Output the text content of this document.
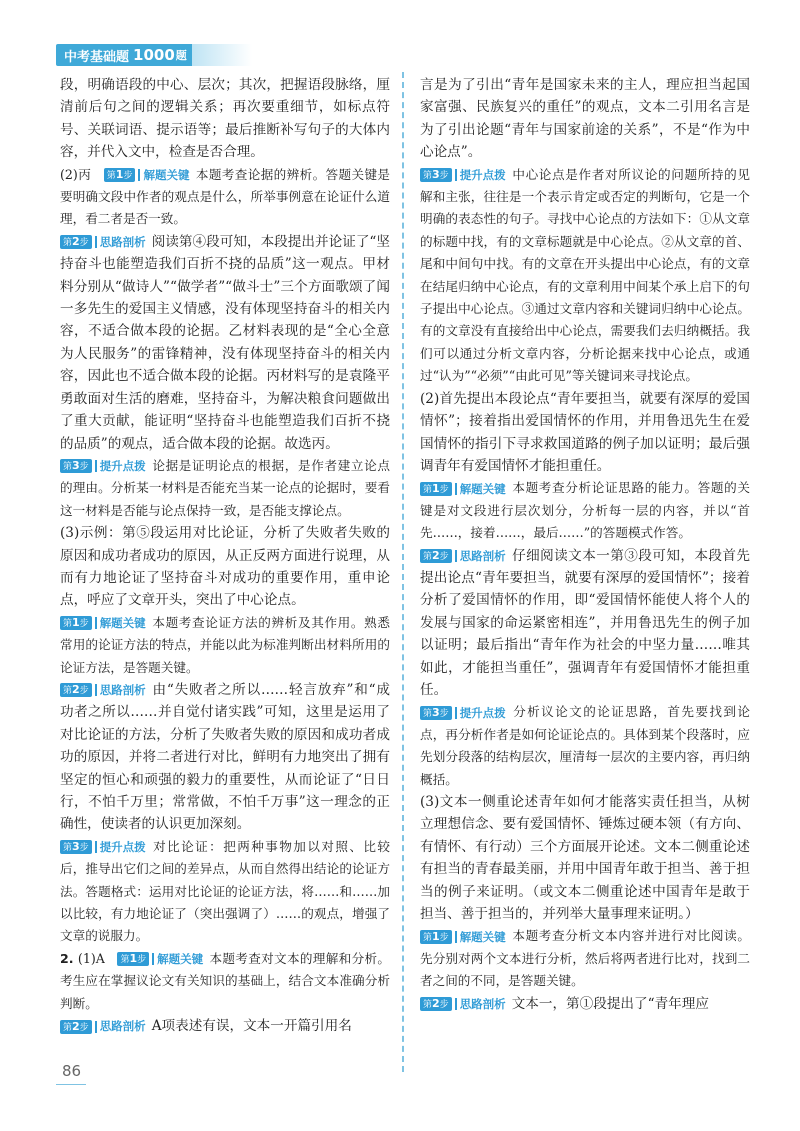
中考基础题 1000 题

段，明确语段的中心、层次；其次，把握语段脉络，厘清前后句之间的逻辑关系；再次要重细节，如标点符号、关联词语、提示语等；最后推断补写句子的大体内容，并代入文中，检查是否合理。

(2)丙 	第1步 解题关键 本题考查论据的辨析。答题关键是要明确文段中作者的观点是什么，所举事例意在论证什么道理，看二者是否一致。

第2步 思路剖析 阅读第④段可知，本段提出并论证了“坚持奋斗也能塑造我们百折不挠的品质”这一观点。甲材料分别从“做诗人”“做学者”“做斗士”三个方面歌颂了闻一多先生的爱国主义情感，没有体现坚持奋斗的相关内容，不适合做本段的论据。乙材料表现的是“全心全意为人民服务”的雷锋精神，没有体现坚持奋斗的相关内容，因此也不适合做本段的论据。丙材料写的是袁隆平勇敢面对生活的磨难，坚持奋斗，为解决粮食问题做出了重大贡献，能证明“坚持奋斗也能塑造我们百折不挠的品质”的观点，适合做本段的论据。故选丙。

第3步 提升点拨 论据是证明论点的根据，是作者建立论点的理由。分析某一材料是否能充当某一论点的论据时，要看这一材料是否能与论点保持一致，是否能支撑论点。

(3)示例：第⑤段运用对比论证，分析了失败者失败的原因和成功者成功的原因，从正反两方面进行说理，从而有力地论证了坚持奋斗对成功的重要作用，重申论点，呼应了文章开头，突出了中心论点。

第1步 解题关键 本题考查论证方法的辨析及其作用。熟悉常用的论证方法的特点，并能以此为标准判断出材料所用的论证方法，是答题关键。

第2步 思路剖析 由“失败者之所以……轻言放弃”和“成功者之所以……并自觉付诸实践”可知，这里是运用了对比论证的方法，分析了失败者失败的原因和成功者成功的原因，并将二者进行对比，鲜明有力地突出了拥有坚定的恒心和顽强的毅力的重要性，从而论证了“日日行，不怕千万里；常常做，不怕千万事”这一理念的正确性，使读者的认识更加深刻。

第3步 提升点拨 对比论证：把两种事物加以对照、比较后，推导出它们之间的差异点，从而自然得出结论的论证方法。答题格式：运用对比论证的论证方法，将……和……加以比较，有力地论证了（突出强调了）……的观点，增强了文章的说服力。

2. (1)A 	第1步 解题关键 本题考查对文本的理解和分析。考生应在掌握议论文有关知识的基础上，结合文本准确分析判断。

第2步 思路剖析 A项表述有误，文本一开篇引用名

言是为了引出“青年是国家未来的主人，理应担当起国家富强、民族复兴的重任”的观点，文本二引用名言是为了引出论题“青年与国家前途的关系”，不是“作为中心论点”。

第3步 提升点拨 中心论点是作者对所议论的问题所持的见解和主张，往往是一个表示肯定或否定的判断句，它是一个明确的表态性的句子。寻找中心论点的方法如下：①从文章的标题中找，有的文章标题就是中心论点。②从文章的首、尾和中间句中找。有的文章在开头提出中心论点，有的文章在结尾归纳中心论点，有的文章利用中间某个承上启下的句子提出中心论点。③通过文章内容和关键词归纳中心论点。有的文章没有直接给出中心论点，需要我们去归纳概括。我们可以通过分析文章内容，分析论据来找中心论点，或通过“认为”“必须”“由此可见”等关键词来寻找论点。

(2)首先提出本段论点“青年要担当，就要有深厚的爱国情怀”；接着指出爱国情怀的作用，并用鲁迅先生在爱国情怀的指引下寻求救国道路的例子加以证明；最后强调青年有爱国情怀才能担重任。

第1步 解题关键 本题考查分析论证思路的能力。答题的关键是对文段进行层次划分，分析每一层的内容，并以“首先……，接着……，最后……”的答题模式作答。

第2步 思路剖析 仔细阅读文本一第③段可知，本段首先提出论点“青年要担当，就要有深厚的爱国情怀”；接着分析了爱国情怀的作用，即“爱国情怀能使人将个人的发展与国家的命运紧密相连”，并用鲁迅先生的例子加以证明；最后指出“青年作为社会的中坚力量……唯其如此，才能担当重任”，强调青年有爱国情怀才能担重任。

第3步 提升点拨 分析议论文的论证思路，首先要找到论点，再分析作者是如何论证论点的。具体到某个段落时，应先划分段落的结构层次，厘清每一层次的主要内容，再归纳概括。

(3)文本一侧重论述青年如何才能落实责任担当，从树立理想信念、要有爱国情怀、锤炼过硬本领（有方向、有情怀、有行动）三个方面展开论述。文本二侧重论述有担当的青春最美丽，并用中国青年敢于担当、善于担当的例子来证明。（或文本二侧重论述中国青年是敢于担当、善于担当的，并列举大量事理来证明。）

第1步 解题关键 本题考查分析文本内容并进行对比阅读。先分别对两个文本进行分析，然后将两者进行比对，找到二者之间的不同，是答题关键。

第2步 思路剖析 文本一，第①段提出了“青年理应

86
